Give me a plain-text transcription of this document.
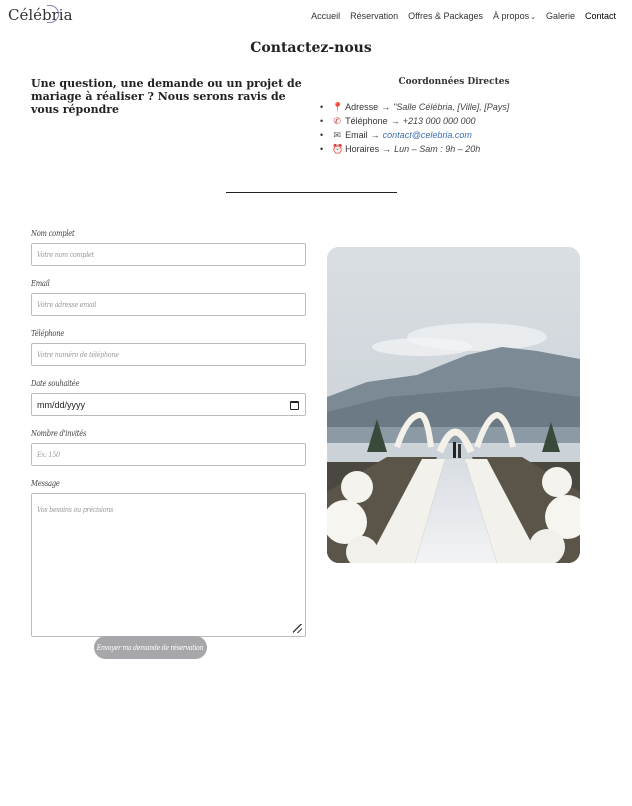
Célébria	Accueil Réservation Offres & Packages À propos⌄ Galerie Contact
Contactez-nous

Une question, une demande ou un projet de mariage à réaliser ? Nous serons ravis de vous répondre

Coordonnées Directes
• 📍 Adresse → "Salle Célébria, [Ville], [Pays]
• ✆ Téléphone → +213 000 000 000
• ✉ Email → contact@celebria.com
• ⏰ Horaires → Lun – Sam : 9h – 20h
Nom complet
Votre nom complet
Email
Votre adresse email
Téléphone
Votre numéro de téléphone
Date souhaitée
mm/dd/yyyy
Nombre d'invités
Ex: 150
Message
Vos besoins ou précisions
Envoyer ma demande de réservation
